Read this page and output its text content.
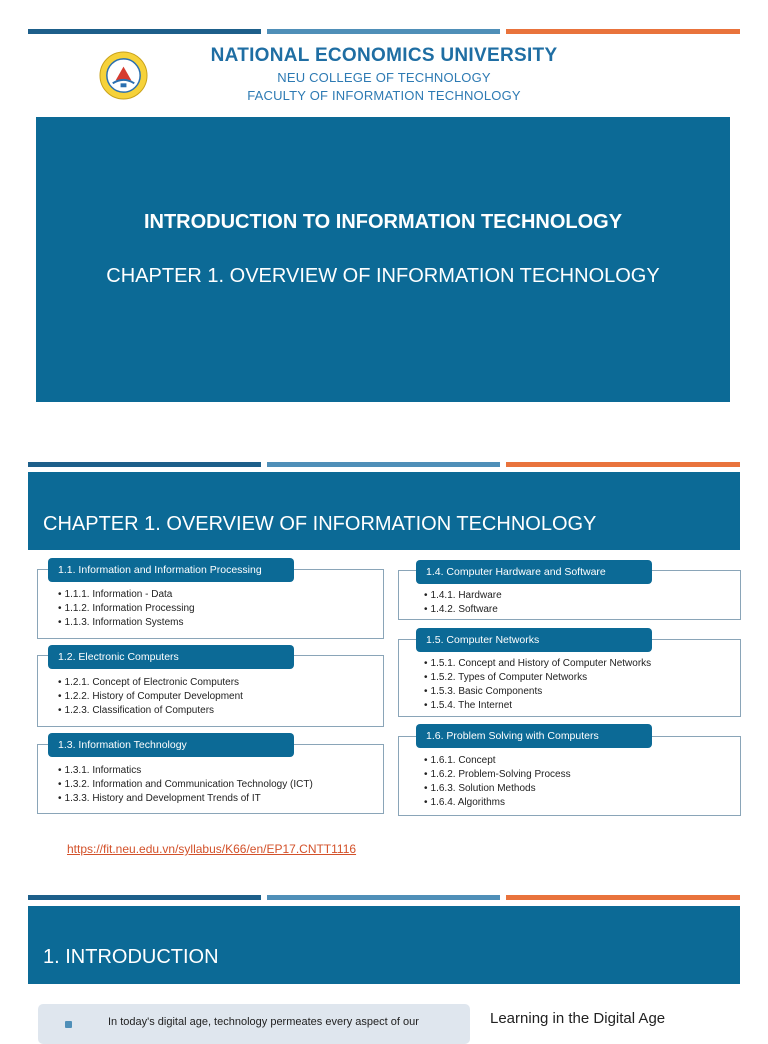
NATIONAL ECONOMICS UNIVERSITY
NEU COLLEGE OF TECHNOLOGY
FACULTY OF INFORMATION TECHNOLOGY
INTRODUCTION TO INFORMATION TECHNOLOGY
CHAPTER 1. OVERVIEW OF INFORMATION TECHNOLOGY
CHAPTER 1. OVERVIEW OF INFORMATION TECHNOLOGY
1.1. Information and Information Processing
• 1.1.1. Information - Data
• 1.1.2. Information Processing
• 1.1.3. Information Systems
1.2. Electronic Computers
• 1.2.1. Concept of Electronic Computers
• 1.2.2. History of Computer Development
• 1.2.3. Classification of Computers
1.3. Information Technology
• 1.3.1. Informatics
• 1.3.2. Information and Communication Technology (ICT)
• 1.3.3. History and Development Trends of IT
1.4. Computer Hardware and Software
• 1.4.1. Hardware
• 1.4.2. Software
1.5. Computer Networks
• 1.5.1. Concept and History of Computer Networks
• 1.5.2. Types of Computer Networks
• 1.5.3. Basic Components
• 1.5.4. The Internet
1.6. Problem Solving with Computers
• 1.6.1. Concept
• 1.6.2. Problem-Solving Process
• 1.6.3. Solution Methods
• 1.6.4. Algorithms
https://fit.neu.edu.vn/syllabus/K66/en/EP17.CNTT1116
1. INTRODUCTION
In today's digital age, technology permeates every aspect of our	Learning in the Digital Age
